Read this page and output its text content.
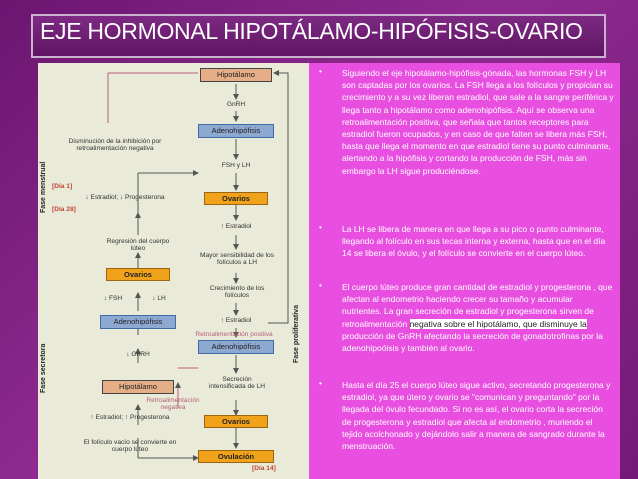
EJE HORMONAL HIPOTÁLAMO-HIPÓFISIS-OVARIO
Fase menstrual
Fase secretora
Fase proliferativa
[Día 1]
[Día 28]
[Día 14]
Hipotálamo
GnRH
Adenohipófisis
FSH y LH
Ovarios
↑ Estradiol
Mayor sensibilidad de los folículos a LH
Crecimiento de los folículos
↑ Estradiol
Retroalimentación positiva
Adenohipófisis
Secreción intensificada de LH
Ovarios
Ovulación
Disminución de la inhibición por retroalimentación negativa
↓ Estradiol; ↓ Progesterona
Regresión del cuerpo lúteo
Ovarios
↓ FSH	↓ LH
Adenohipófisis
↓ GnRH
Hipotálamo
Retroalimentación negativa
↑ Estradiol; ↑ Progesterona
El folículo vacío se convierte en cuerpo lúteo
• Siguiendo el eje hipotálamo-hipófisis-gónada, las hormonas FSH y LH son captadas por los ovarios. La FSH llega a los folículos y propician su crecimiento y a su vez liberan estradiol, que sale a la sangre periférica y llega tanto a hipotálamo como adenohipófisis. Aquí se observa una retroalimentación positiva, que señala que tantos receptores para estradiol fueron ocupados, y en caso de que falten se libera más FSH, hasta que llega el momento en que estradiol tiene su punto culminante, alertando a la hipófisis y cortando la producción de FSH, más sin embargo la LH sigue produciéndose.
• La LH se libera de manera en que llega a su pico o punto culminante, llegando al folículo en sus tecas interna y externa, hasta que en el día 14 se libera el óvulo, y el folículo se convierte en el cuerpo lúteo.
• El cuerpo lúteo produce gran cantidad de estradiol y progesterona , que afectan al endometrio haciendo crecer su tamaño y acumular nutrientes. La gran secreción de estradiol y progesterona sirven de retroalimentación negativa sobre el hipotálamo, que disminuye la producción de GnRH afectando la secreción de gonadotrofinas por la adenohipoóisis y también al ovario.
• Hasta el día 25 el cuerpo lúteo sigue activo, secretando progesterona y estradiol, ya que útero y ovario se "comunican y preguntando" por la llegada del óvulo fecundado. Si no es así, el ovario corta la secreción de progesterona y estradiol que afecta al endometrio , muriendo el tejido acolchonado y dejándolo salir a manera de sangrado durante la menstruación.
